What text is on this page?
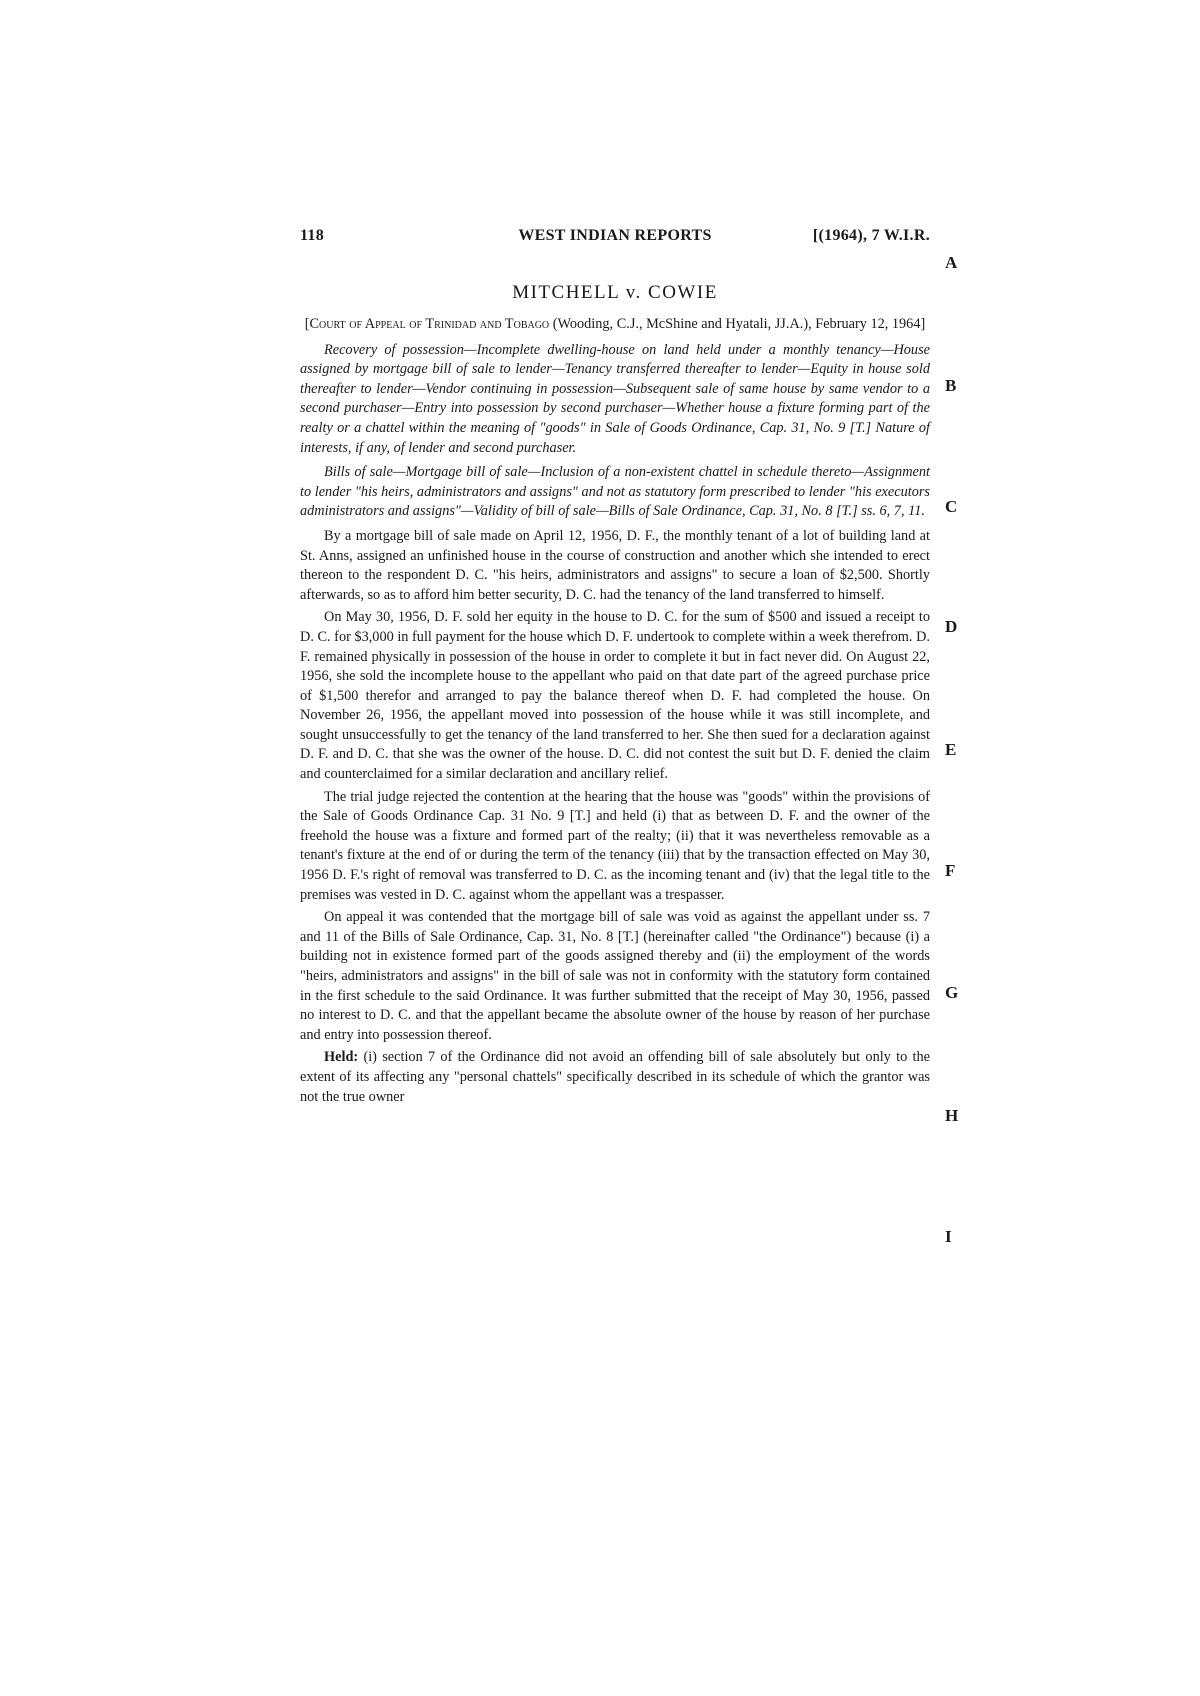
118	WEST INDIAN REPORTS	[(1964), 7 W.I.R.
A
B
C
D
E
F
G
H
I
MITCHELL v. COWIE
[Court of Appeal of Trinidad and Tobago (Wooding, C.J., McShine and Hyatali, JJ.A.), February 12, 1964]

Recovery of possession—Incomplete dwelling-house on land held under a monthly tenancy—House assigned by mortgage bill of sale to lender—Tenancy transferred thereafter to lender—Equity in house sold thereafter to lender—Vendor continuing in possession—Subsequent sale of same house by same vendor to a second purchaser—Entry into possession by second purchaser—Whether house a fixture forming part of the realty or a chattel within the meaning of "goods" in Sale of Goods Ordinance, Cap. 31, No. 9 [T.] Nature of interests, if any, of lender and second purchaser.

Bills of sale—Mortgage bill of sale—Inclusion of a non-existent chattel in schedule thereto—Assignment to lender "his heirs, administrators and assigns" and not as statutory form prescribed to lender "his executors administrators and assigns"—Validity of bill of sale—Bills of Sale Ordinance, Cap. 31, No. 8 [T.] ss. 6, 7, 11.

By a mortgage bill of sale made on April 12, 1956, D. F., the monthly tenant of a lot of building land at St. Anns, assigned an unfinished house in the course of construction and another which she intended to erect thereon to the respondent D. C. "his heirs, administrators and assigns" to secure a loan of $2,500. Shortly afterwards, so as to afford him better security, D. C. had the tenancy of the land transferred to himself.

On May 30, 1956, D. F. sold her equity in the house to D. C. for the sum of $500 and issued a receipt to D. C. for $3,000 in full payment for the house which D. F. undertook to complete within a week therefrom. D. F. remained physically in possession of the house in order to complete it but in fact never did. On August 22, 1956, she sold the incomplete house to the appellant who paid on that date part of the agreed purchase price of $1,500 therefor and arranged to pay the balance thereof when D. F. had completed the house. On November 26, 1956, the appellant moved into possession of the house while it was still incomplete, and sought unsuccessfully to get the tenancy of the land transferred to her. She then sued for a declaration against D. F. and D. C. that she was the owner of the house. D. C. did not contest the suit but D. F. denied the claim and counterclaimed for a similar declaration and ancillary relief.

The trial judge rejected the contention at the hearing that the house was "goods" within the provisions of the Sale of Goods Ordinance Cap. 31 No. 9 [T.] and held (i) that as between D. F. and the owner of the freehold the house was a fixture and formed part of the realty; (ii) that it was nevertheless removable as a tenant's fixture at the end of or during the term of the tenancy (iii) that by the transaction effected on May 30, 1956 D. F.'s right of removal was transferred to D. C. as the incoming tenant and (iv) that the legal title to the premises was vested in D. C. against whom the appellant was a trespasser.

On appeal it was contended that the mortgage bill of sale was void as against the appellant under ss. 7 and 11 of the Bills of Sale Ordinance, Cap. 31, No. 8 [T.] (hereinafter called "the Ordinance") because (i) a building not in existence formed part of the goods assigned thereby and (ii) the employment of the words "heirs, administrators and assigns" in the bill of sale was not in conformity with the statutory form contained in the first schedule to the said Ordinance. It was further submitted that the receipt of May 30, 1956, passed no interest to D. C. and that the appellant became the absolute owner of the house by reason of her purchase and entry into possession thereof.

Held: (i) section 7 of the Ordinance did not avoid an offending bill of sale absolutely but only to the extent of its affecting any "personal chattels" specifically described in its schedule of which the grantor was not the true owner
